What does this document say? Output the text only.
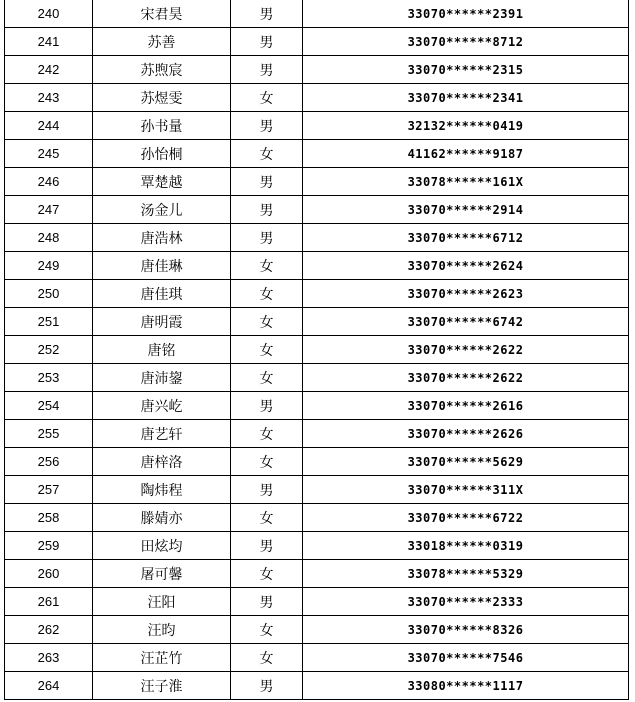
240	宋君昊	男	33070******2391
241	苏善	男	33070******8712
242	苏煦宸	男	33070******2315
243	苏煜雯	女	33070******2341
244	孙书量	男	32132******0419
245	孙怡桐	女	41162******9187
246	覃楚越	男	33078******161X
247	汤金儿	男	33070******2914
248	唐浩林	男	33070******6712
249	唐佳琳	女	33070******2624
250	唐佳琪	女	33070******2623
251	唐明霞	女	33070******6742
252	唐铭	女	33070******2622
253	唐沛鋆	女	33070******2622
254	唐兴屹	男	33070******2616
255	唐艺轩	女	33070******2626
256	唐梓洛	女	33070******5629
257	陶炜程	男	33070******311X
258	滕婧亦	女	33070******6722
259	田炫均	男	33018******0319
260	屠可馨	女	33078******5329
261	汪阳	男	33070******2333
262	汪昀	女	33070******8326
263	汪芷竹	女	33070******7546
264	汪子淮	男	33080******1117
